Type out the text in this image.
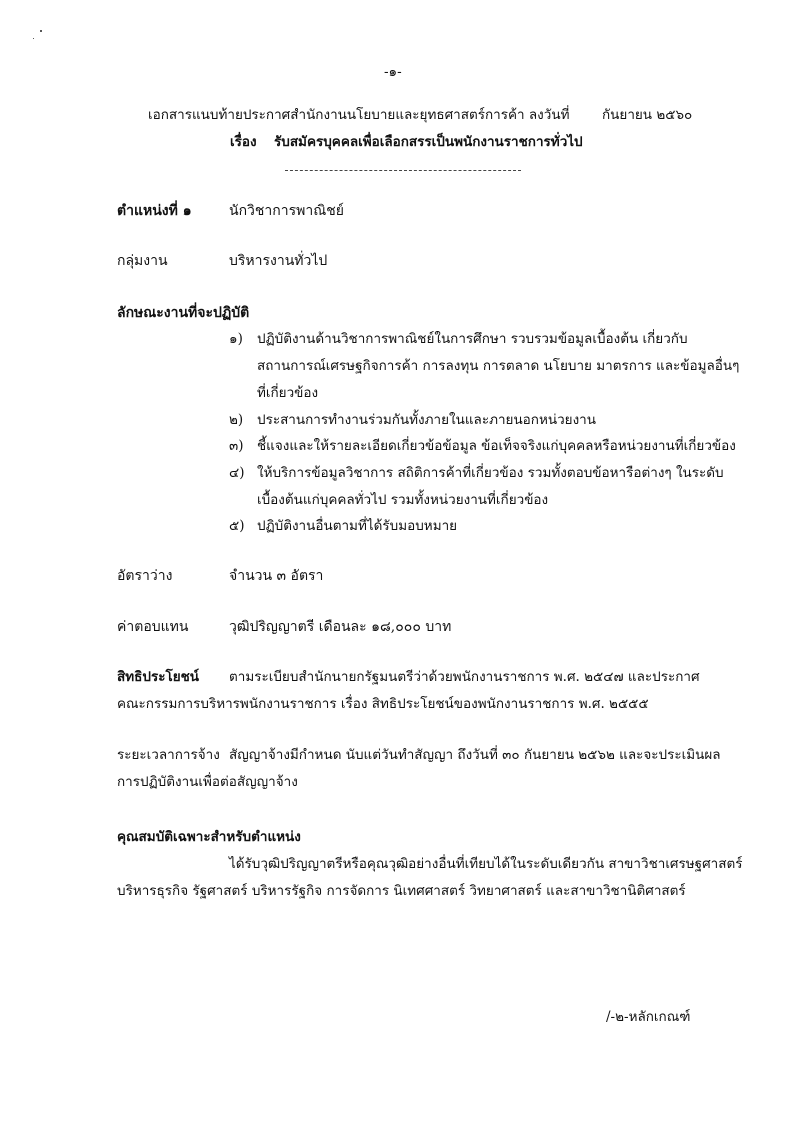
-๑-
เอกสารแนบท้ายประกาศสำนักงานนโยบายและยุทธศาสตร์การค้า ลงวันที่ กันยายน ๒๕๖๐
เรื่อง รับสมัครบุคคลเพื่อเลือกสรรเป็นพนักงานราชการทั่วไป
ตำแหน่งที่ ๑	นักวิชาการพาณิชย์
กลุ่มงาน	บริหารงานทั่วไป
ลักษณะงานที่จะปฏิบัติ
๑) ปฏิบัติงานด้านวิชาการพาณิชย์ในการศึกษา รวบรวมข้อมูลเบื้องต้น เกี่ยวกับ
สถานการณ์เศรษฐกิจการค้า การลงทุน การตลาด นโยบาย มาตรการ และข้อมูลอื่นๆ
ที่เกี่ยวข้อง
๒) ประสานการทำงานร่วมกันทั้งภายในและภายนอกหน่วยงาน
๓) ชี้แจงและให้รายละเอียดเกี่ยวข้อข้อมูล ข้อเท็จจริงแก่บุคคลหรือหน่วยงานที่เกี่ยวข้อง
๔) ให้บริการข้อมูลวิชาการ สถิติการค้าที่เกี่ยวข้อง รวมทั้งตอบข้อหารือต่างๆ ในระดับ
เบื้องต้นแก่บุคคลทั่วไป รวมทั้งหน่วยงานที่เกี่ยวข้อง
๕) ปฏิบัติงานอื่นตามที่ได้รับมอบหมาย
อัตราว่าง	จำนวน ๓ อัตรา
ค่าตอบแทน	วุฒิปริญญาตรี เดือนละ ๑๘,๐๐๐ บาท
สิทธิประโยชน์ ตามระเบียบสำนักนายกรัฐมนตรีว่าด้วยพนักงานราชการ พ.ศ. ๒๕๔๗ และประกาศ
คณะกรรมการบริหารพนักงานราชการ เรื่อง สิทธิประโยชน์ของพนักงานราชการ พ.ศ. ๒๕๕๕
ระยะเวลาการจ้าง สัญญาจ้างมีกำหนด นับแต่วันทำสัญญา ถึงวันที่ ๓๐ กันยายน ๒๕๖๒ และจะประเมินผล
การปฏิบัติงานเพื่อต่อสัญญาจ้าง
คุณสมบัติเฉพาะสำหรับตำแหน่ง
ได้รับวุฒิปริญญาตรีหรือคุณวุฒิอย่างอื่นที่เทียบได้ในระดับเดียวกัน สาขาวิชาเศรษฐศาสตร์
บริหารธุรกิจ รัฐศาสตร์ บริหารรัฐกิจ การจัดการ นิเทศศาสตร์ วิทยาศาสตร์ และสาขาวิชานิติศาสตร์
/-๒-หลักเกณฑ์
